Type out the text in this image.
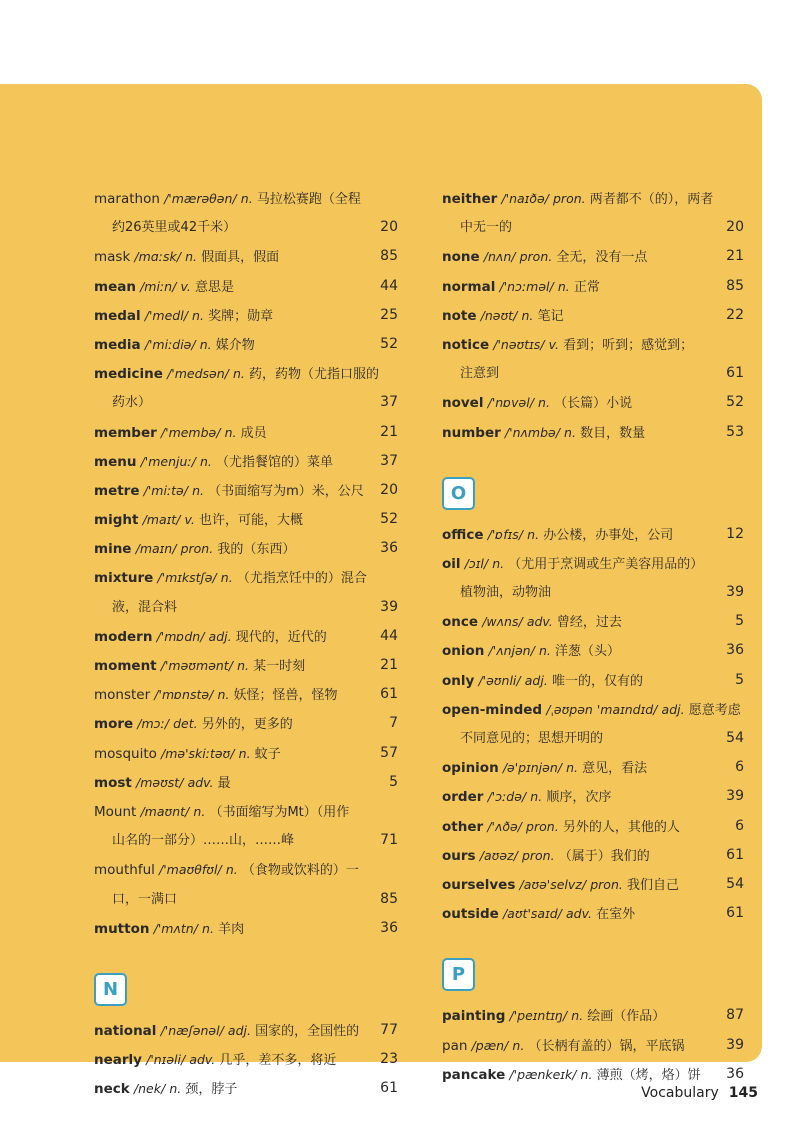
marathon /'mærəθən/ n. 马拉松赛跑（全程
约26英里或42千米）	20
mask /mɑːsk/ n. 假面具，假面	85
mean /miːn/ v. 意思是	44
medal /'medl/ n. 奖牌；勋章	25
media /'miːdiə/ n. 媒介物	52
medicine /'medsən/ n. 药，药物（尤指口服的
药水）	37
member /'membə/ n. 成员	21
menu /'menjuː/ n. （尤指餐馆的）菜单	37
metre /'miːtə/ n. （书面缩写为m）米，公尺 20
might /maɪt/ v. 也许，可能，大概	52
mine /maɪn/ pron. 我的（东西）	36
mixture /'mɪkstʃə/ n. （尤指烹饪中的）混合
液，混合料	39
modern /'mɒdn/ adj. 现代的，近代的	44
moment /'məʊmənt/ n. 某一时刻	21
monster /'mɒnstə/ n. 妖怪；怪兽，怪物	61
more /mɔː/ det. 另外的，更多的	7
mosquito /mə'skiːtəʊ/ n. 蚊子	57
most /məʊst/ adv. 最	5
Mount /maʊnt/ n. （书面缩写为Mt）（用作
山名的一部分）……山，……峰	71
mouthful /'maʊθfʊl/ n. （食物或饮料的）一
口，一满口	85
mutton /'mʌtn/ n. 羊肉	36
N
national /'næʃənəl/ adj. 国家的，全国性的 77
nearly /'nɪəli/ adv. 几乎，差不多，将近	23
neck /nek/ n. 颈，脖子	61
neither /'naɪðə/ pron. 两者都不（的），两者
中无一的	20
none /nʌn/ pron. 全无，没有一点	21
normal /'nɔːməl/ n. 正常	85
note /nəʊt/ n. 笔记	22
notice /'nəʊtɪs/ v. 看到；听到；感觉到；
注意到	61
novel /'nɒvəl/ n. （长篇）小说	52
number /'nʌmbə/ n. 数目，数量	53
O
office /'ɒfɪs/ n. 办公楼，办事处，公司	12
oil /ɔɪl/ n. （尤用于烹调或生产美容用品的）
植物油，动物油	39
once /wʌns/ adv. 曾经，过去	5
onion /'ʌnjən/ n. 洋葱（头）	36
only /'əʊnli/ adj. 唯一的，仅有的	5
open-minded /ˌəʊpən 'maɪndɪd/ adj. 愿意考虑
不同意见的；思想开明的	54
opinion /ə'pɪnjən/ n. 意见，看法	6
order /'ɔːdə/ n. 顺序，次序	39
other /'ʌðə/ pron. 另外的人，其他的人	6
ours /aʊəz/ pron. （属于）我们的	61
ourselves /aʊə'selvz/ pron. 我们自己	54
outside /aʊt'saɪd/ adv. 在室外	61
P
painting /'peɪntɪŋ/ n. 绘画（作品）	87
pan /pæn/ n. （长柄有盖的）锅，平底锅	39
pancake /'pænkeɪk/ n. 薄煎（烤，烙）饼 36
Vocabulary 145
